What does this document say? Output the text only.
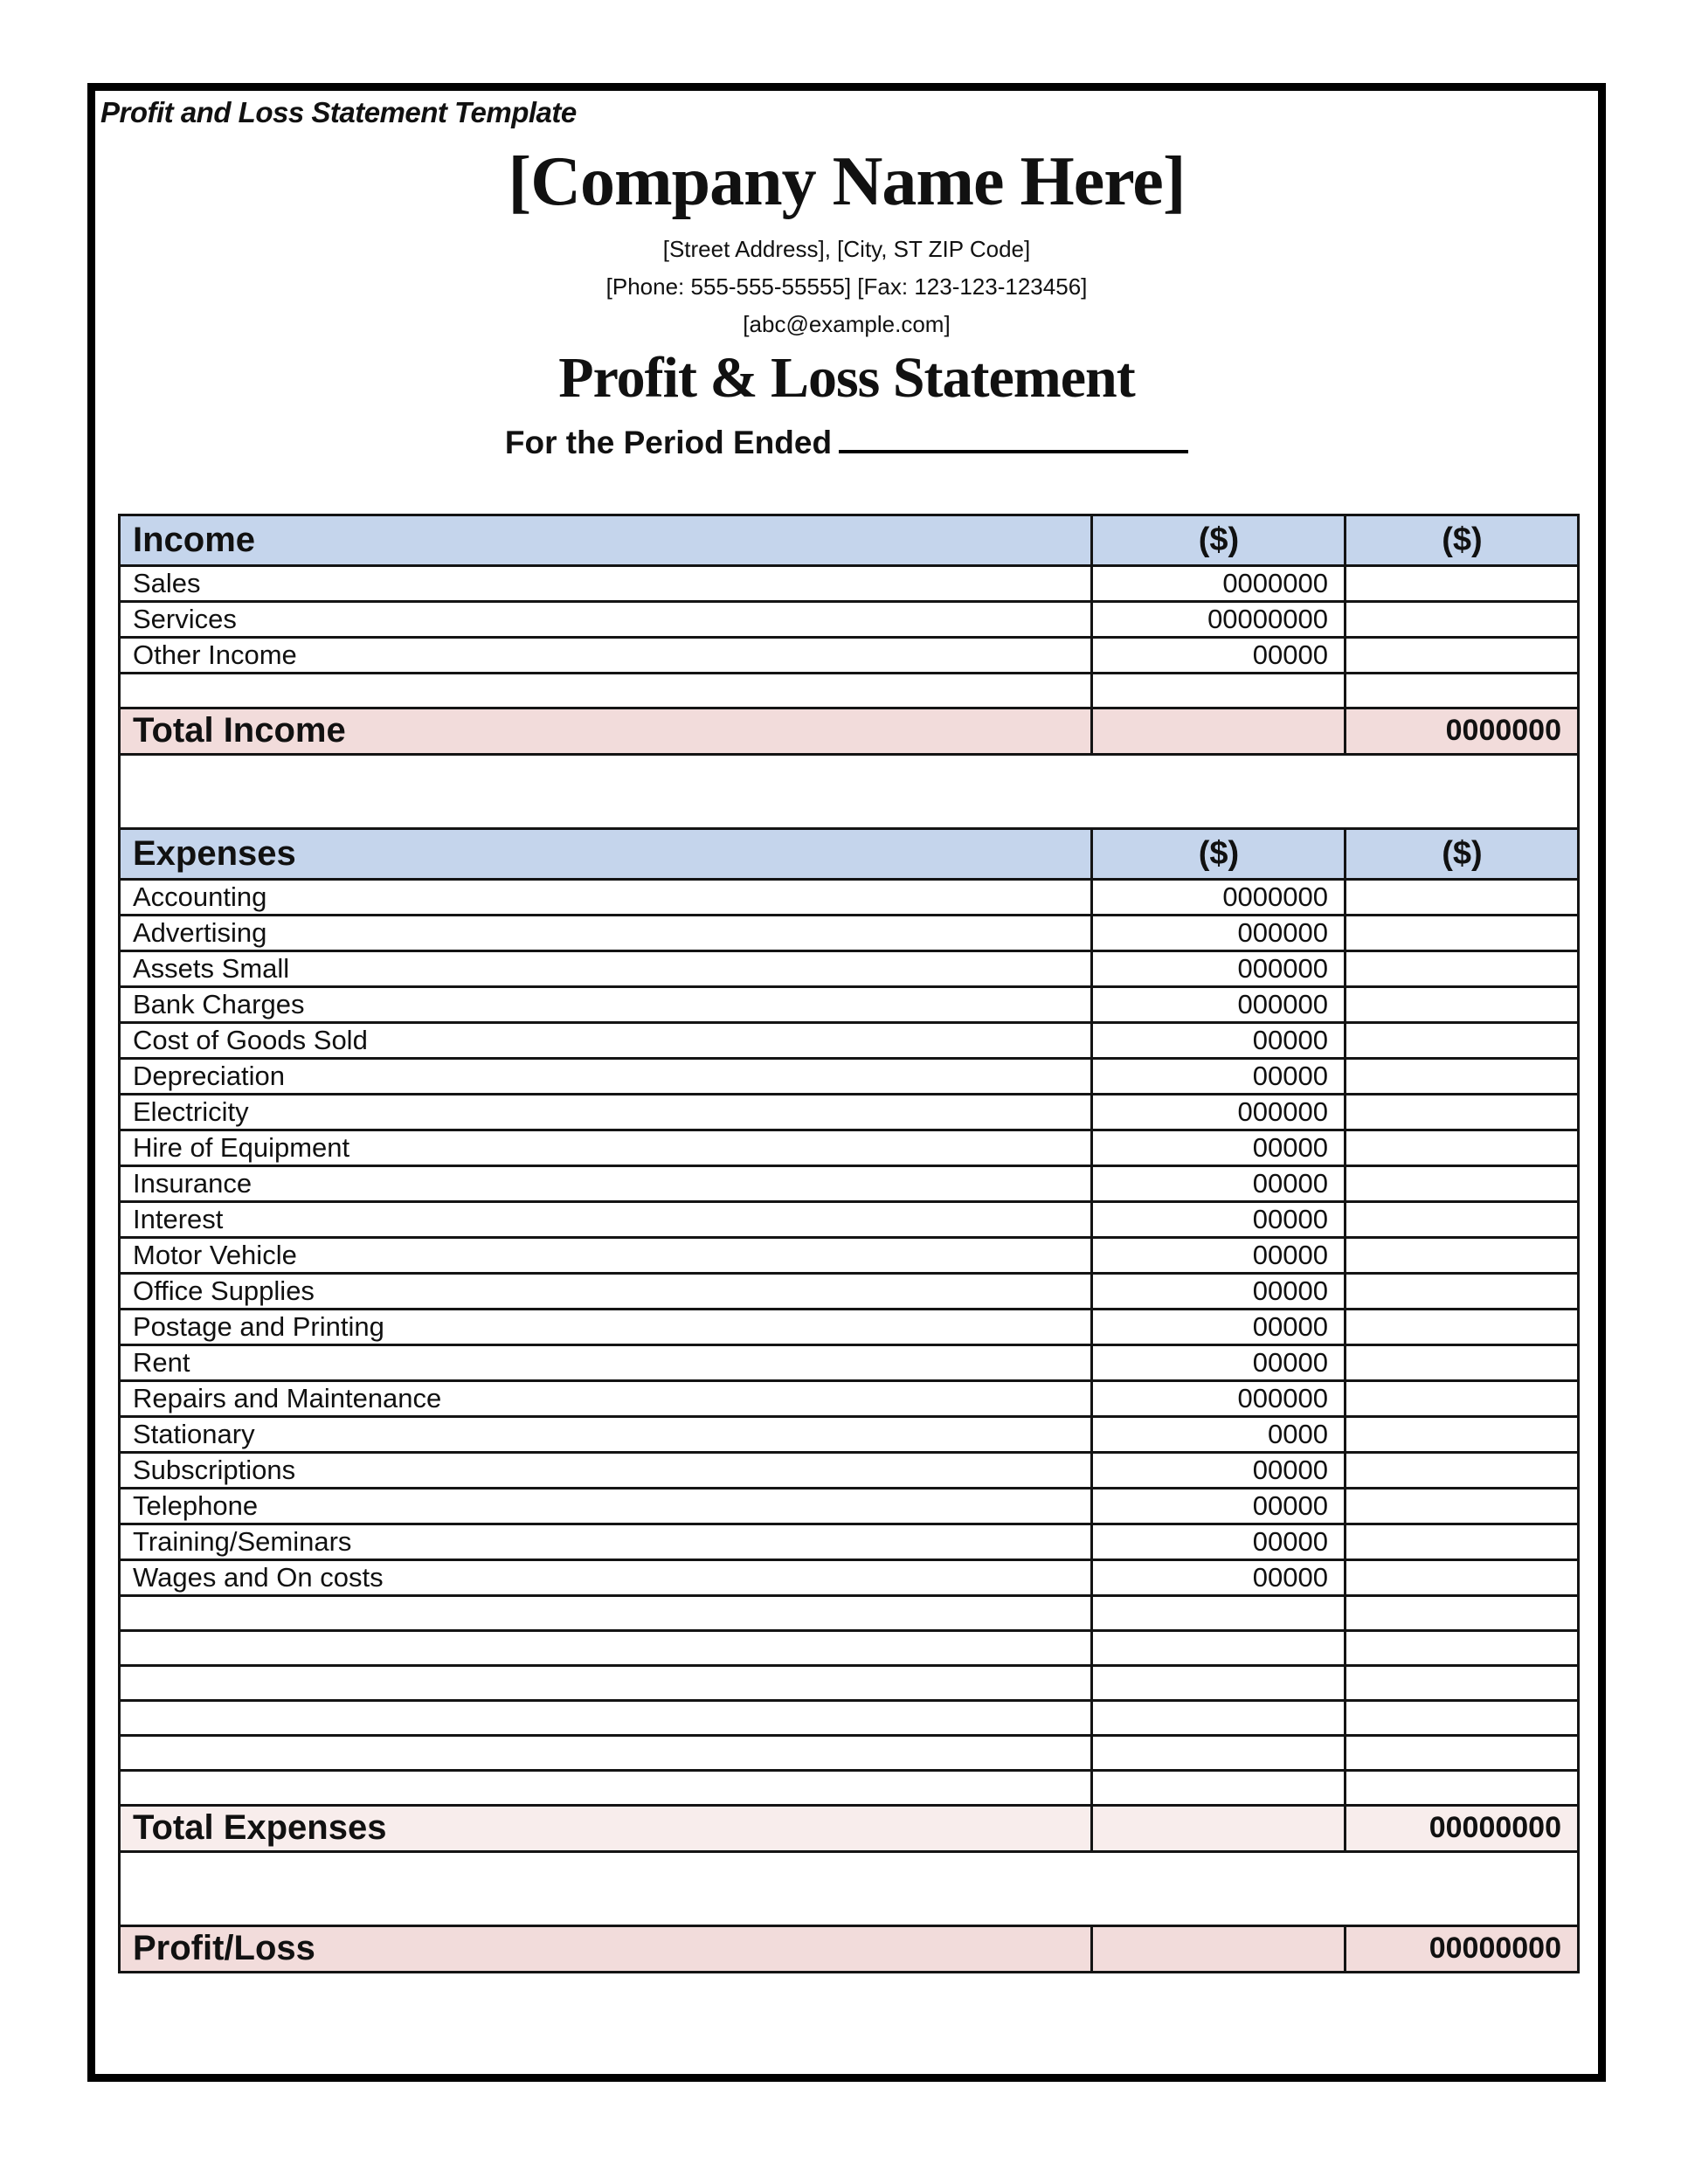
Profit and Loss Statement Template
[Company Name Here]
[Street Address], [City, ST ZIP Code]
[Phone: 555-555-55555] [Fax: 123-123-123456]
[abc@example.com]
Profit & Loss Statement
For the Period Ended
Income	($)	($)
Sales	0000000	
Services	00000000	
Other Income	00000	

Total Income		0000000

Expenses	($)	($)
Accounting	0000000	
Advertising	000000	
Assets Small	000000	
Bank Charges	000000	
Cost of Goods Sold	00000	
Depreciation	00000	
Electricity	000000	
Hire of Equipment	00000	
Insurance	00000	
Interest	00000	
Motor Vehicle	00000	
Office Supplies	00000	
Postage and Printing	00000	
Rent	00000	
Repairs and Maintenance	000000	
Stationary	0000	
Subscriptions	00000	
Telephone	00000	
Training/Seminars	00000	
Wages and On costs	00000	

Total Expenses		00000000

Profit/Loss		00000000
